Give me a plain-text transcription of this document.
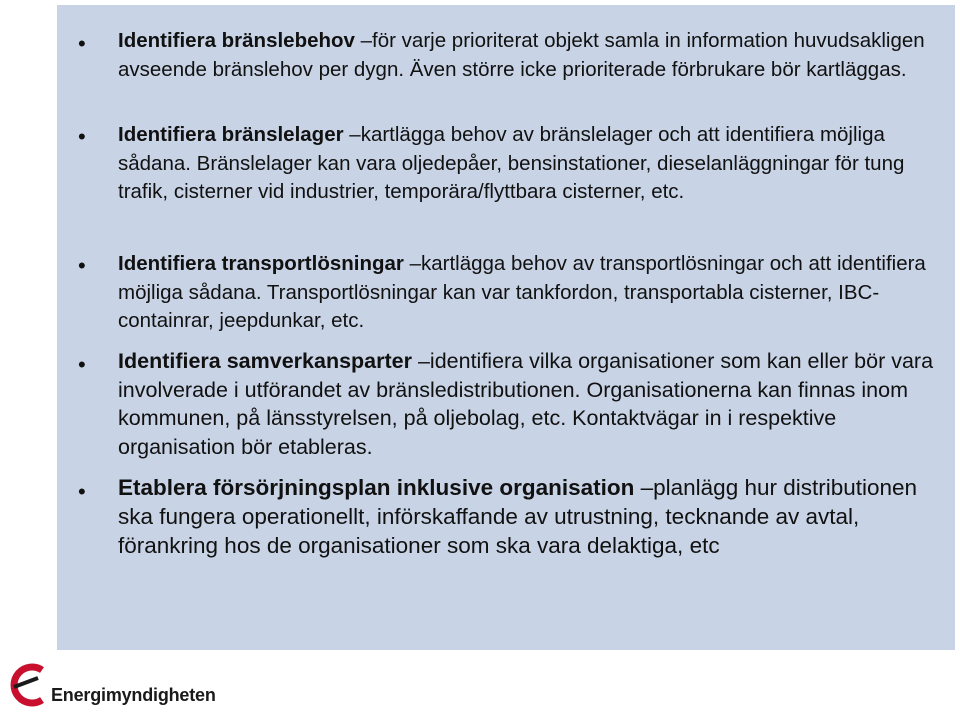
• Identifiera bränslebehov –för varje prioriterat objekt samla in information huvudsakligen avseende bränslehov per dygn. Även större icke prioriterade förbrukare bör kartläggas.
• Identifiera bränslelager –kartlägga behov av bränslelager och att identifiera möjliga sådana. Bränslelager kan vara oljedepåer, bensinstationer, dieselanläggningar för tung trafik, cisterner vid industrier, temporära/flyttbara cisterner, etc.
• Identifiera transportlösningar –kartlägga behov av transportlösningar och att identifiera möjliga sådana. Transportlösningar kan var tankfordon, transportabla cisterner, IBC-containrar, jeepdunkar, etc.
• Identifiera samverkansparter –identifiera vilka organisationer som kan eller bör vara involverade i utförandet av bränsledistributionen. Organisationerna kan finnas inom kommunen, på länsstyrelsen, på oljebolag, etc. Kontaktvägar in i respektive organisation bör etableras.
• Etablera försörjningsplan inklusive organisation –planlägg hur distributionen ska fungera operationellt, införskaffande av utrustning, tecknande av avtal, förankring hos de organisationer som ska vara delaktiga, etc
Energimyndigheten
